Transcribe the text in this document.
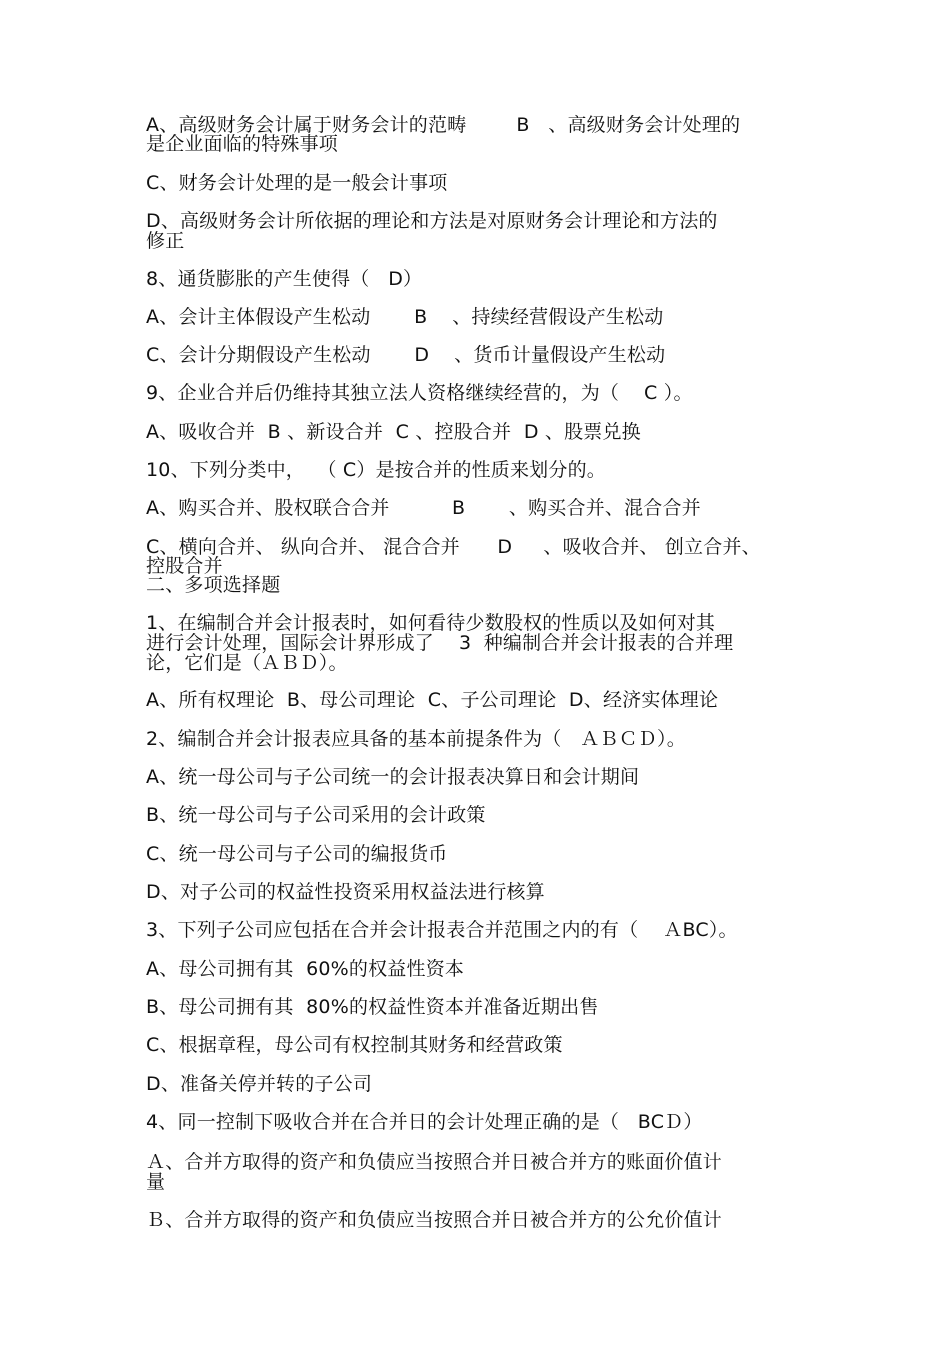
A、高级财务会计属于财务会计的范畴        B   、高级财务会计处理的
是企业面临的特殊事项
C、财务会计处理的是一般会计事项
D、高级财务会计所依据的理论和方法是对原财务会计理论和方法的
修正
8、通货膨胀的产生使得（   D）
A、会计主体假设产生松动       B    、持续经营假设产生松动
C、会计分期假设产生松动       D    、货币计量假设产生松动
9、企业合并后仍维持其独立法人资格继续经营的，为（    C ）。
A、吸收合并  B 、新设合并  C 、控股合并  D 、股票兑换
10、下列分类中，  （ C）是按合并的性质来划分的。
A、购买合并、股权联合合并          B       、购买合并、混合合并
C、横向合并、 纵向合并、 混合合并      D     、吸收合并、 创立合并、
控股合并
二、多项选择题
1、在编制合并会计报表时，如何看待少数股权的性质以及如何对其
进行会计处理，国际会计界形成了    3  种编制合并会计报表的合并理
论，它们是（ＡＢＤ）。
A、所有权理论  B、母公司理论  C、子公司理论  D、经济实体理论
2、编制合并会计报表应具备的基本前提条件为（   ＡＢＣＤ）。
A、统一母公司与子公司统一的会计报表决算日和会计期间
B、统一母公司与子公司采用的会计政策
C、统一母公司与子公司的编报货币
D、对子公司的权益性投资采用权益法进行核算
3、下列子公司应包括在合并会计报表合并范围之内的有（    ＡBC）。
A、母公司拥有其  60%的权益性资本
B、母公司拥有其  80%的权益性资本并准备近期出售
C、根据章程，母公司有权控制其财务和经营政策
D、准备关停并转的子公司
4、同一控制下吸收合并在合并日的会计处理正确的是（   BCＤ）
Ａ、合并方取得的资产和负债应当按照合并日被合并方的账面价值计
量
Ｂ、合并方取得的资产和负债应当按照合并日被合并方的公允价值计
